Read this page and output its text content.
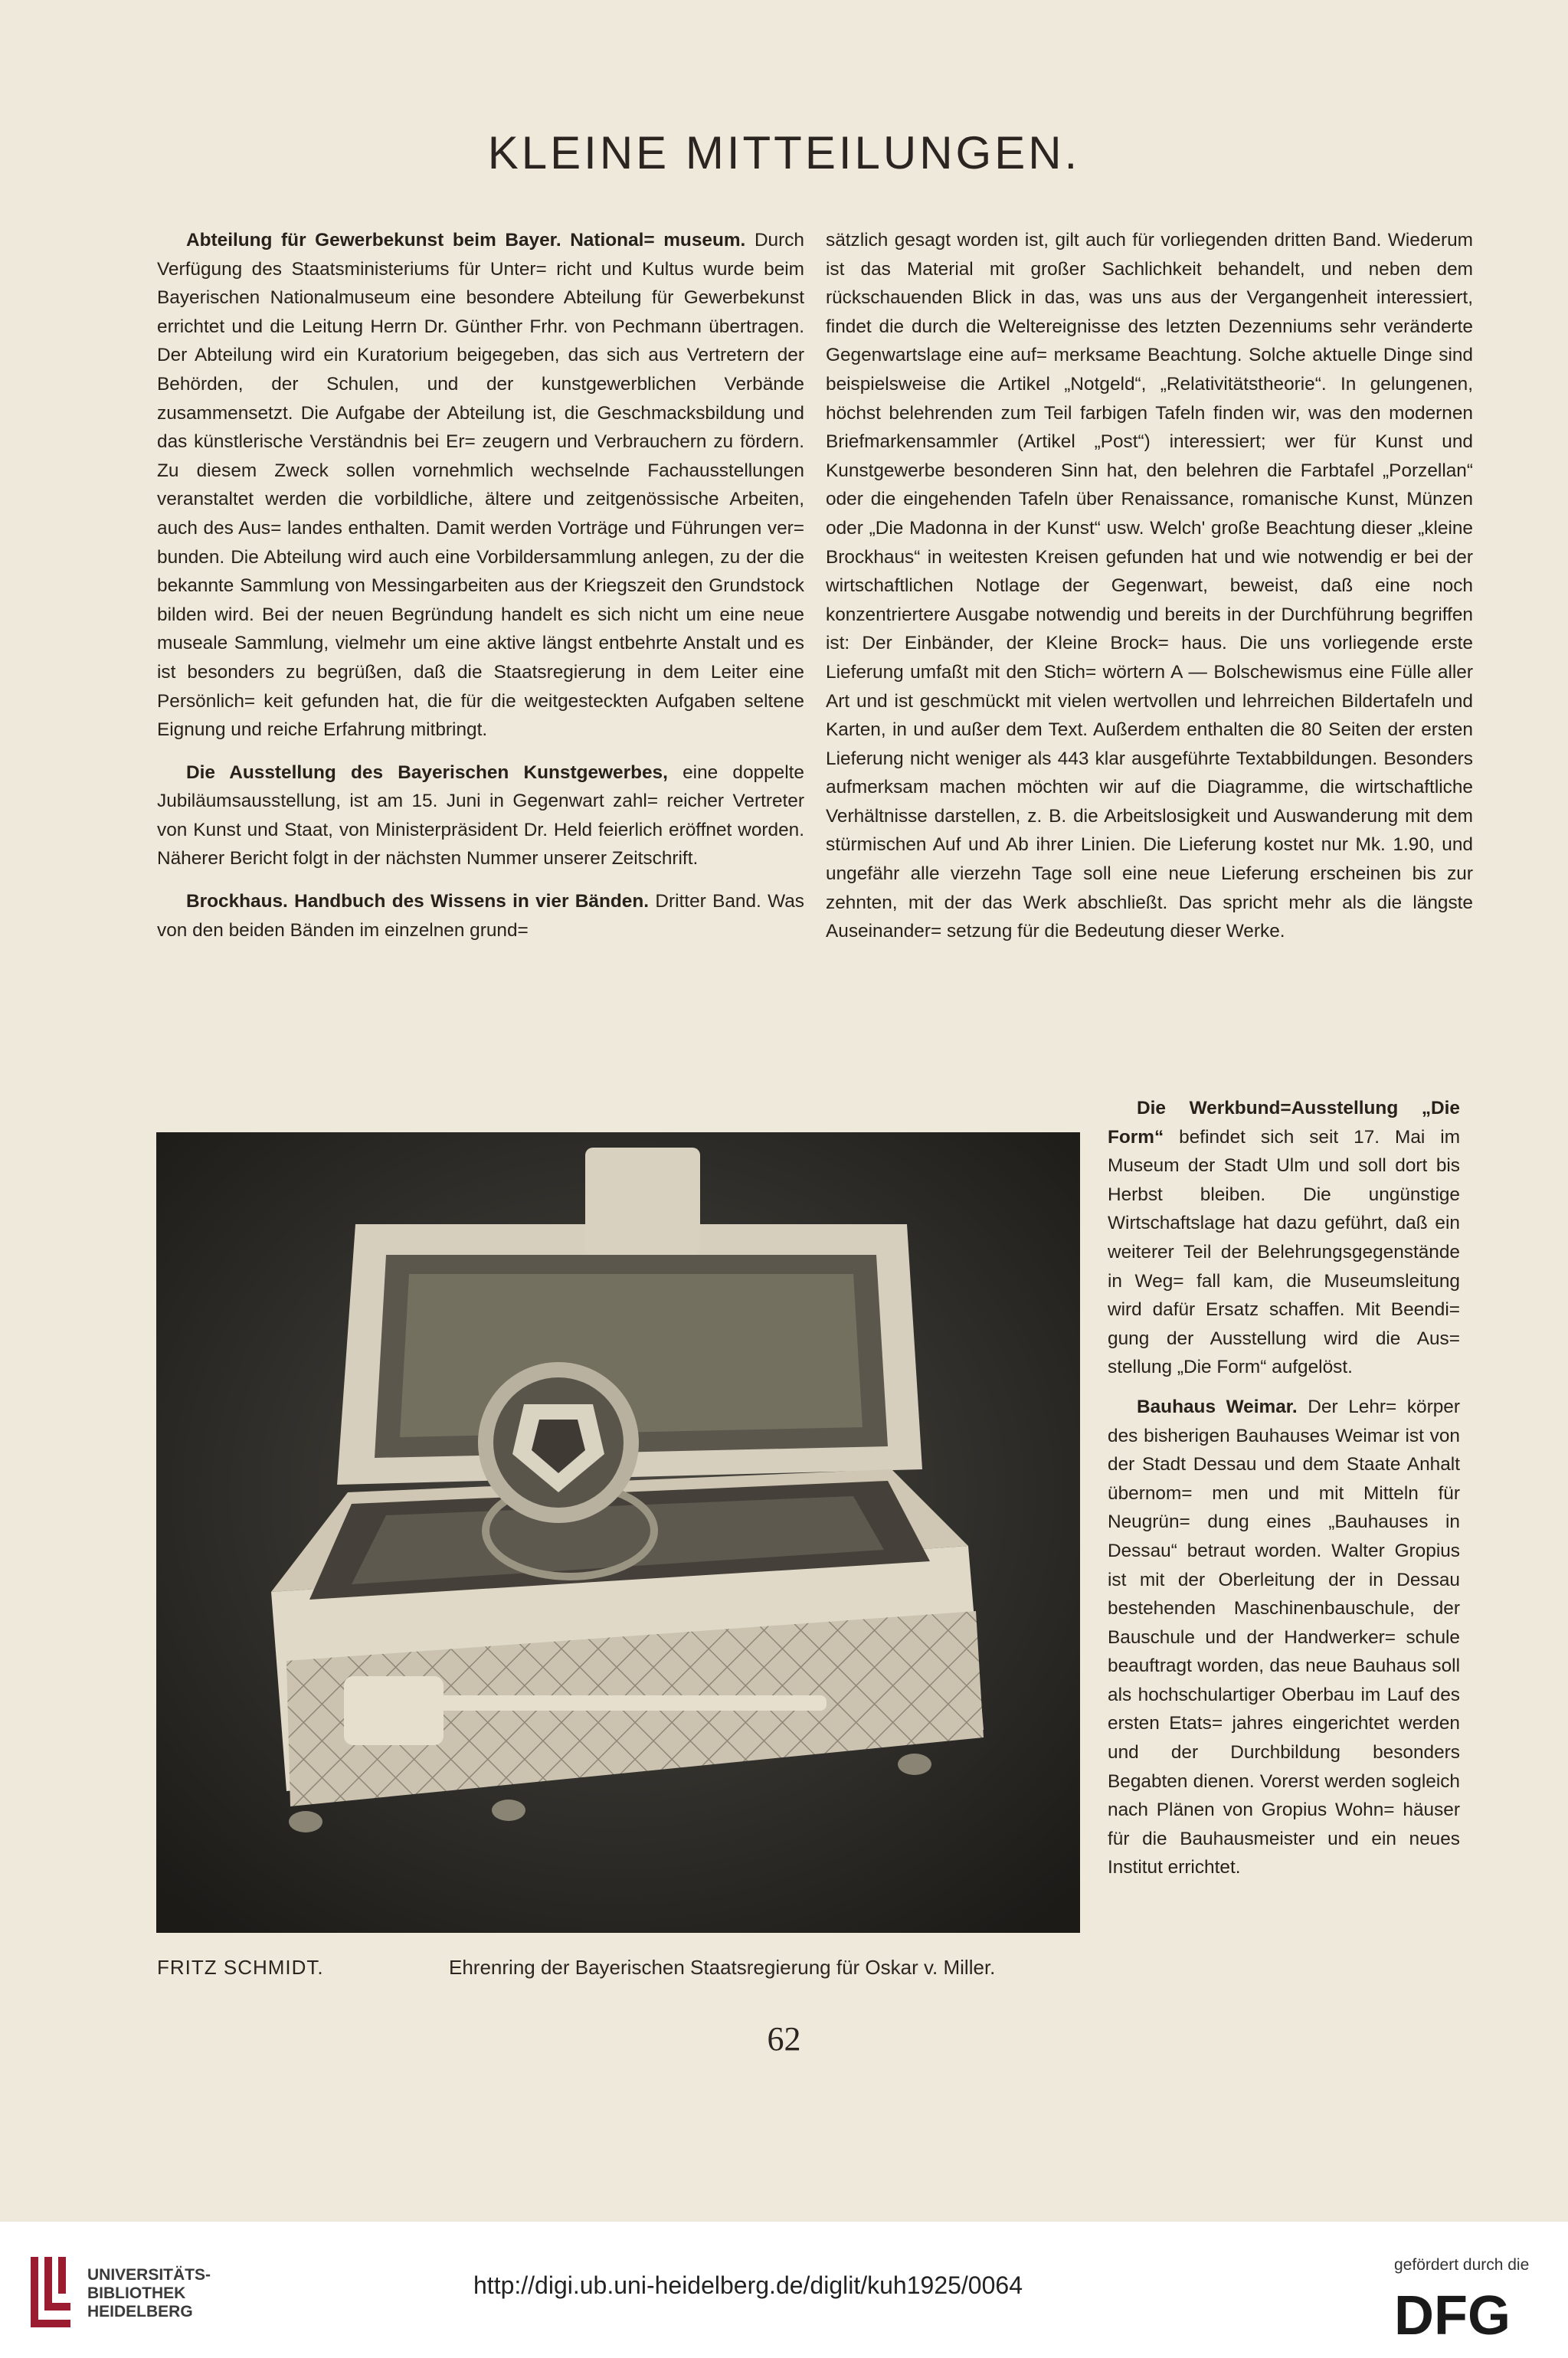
KLEINE MITTEILUNGEN.

Abteilung für Gewerbekunst beim Bayer. National= museum. Durch Verfügung des Staatsministeriums für Unter= richt und Kultus wurde beim Bayerischen Nationalmuseum eine besondere Abteilung für Gewerbekunst errichtet und die Leitung Herrn Dr. Günther Frhr. von Pechmann übertragen. Der Abteilung wird ein Kuratorium beigegeben, das sich aus Vertretern der Behörden, der Schulen, und der kunstgewerblichen Verbände zusammensetzt. Die Aufgabe der Abteilung ist, die Geschmacksbildung und das künstlerische Verständnis bei Er= zeugern und Verbrauchern zu fördern. Zu diesem Zweck sollen vornehmlich wechselnde Fachausstellungen veranstaltet werden die vorbildliche, ältere und zeitgenössische Arbeiten, auch des Aus= landes enthalten. Damit werden Vorträge und Führungen ver= bunden. Die Abteilung wird auch eine Vorbildersammlung anlegen, zu der die bekannte Sammlung von Messingarbeiten aus der Kriegszeit den Grundstock bilden wird. Bei der neuen Begründung handelt es sich nicht um eine neue museale Sammlung, vielmehr um eine aktive längst entbehrte Anstalt und es ist besonders zu begrüßen, daß die Staatsregierung in dem Leiter eine Persönlich= keit gefunden hat, die für die weitgesteckten Aufgaben seltene Eignung und reiche Erfahrung mitbringt.

Die Ausstellung des Bayerischen Kunstgewerbes, eine doppelte Jubiläumsausstellung, ist am 15. Juni in Gegenwart zahl= reicher Vertreter von Kunst und Staat, von Ministerpräsident Dr. Held feierlich eröffnet worden. Näherer Bericht folgt in der nächsten Nummer unserer Zeitschrift.

Brockhaus. Handbuch des Wissens in vier Bänden. Dritter Band. Was von den beiden Bänden im einzelnen grund=

sätzlich gesagt worden ist, gilt auch für vorliegenden dritten Band. Wiederum ist das Material mit großer Sachlichkeit behandelt, und neben dem rückschauenden Blick in das, was uns aus der Vergangenheit interessiert, findet die durch die Weltereignisse des letzten Dezenniums sehr veränderte Gegenwartslage eine auf= merksame Beachtung. Solche aktuelle Dinge sind beispielsweise die Artikel „Notgeld“, „Relativitätstheorie“. In gelungenen, höchst belehrenden zum Teil farbigen Tafeln finden wir, was den modernen Briefmarkensammler (Artikel „Post“) interessiert; wer für Kunst und Kunstgewerbe besonderen Sinn hat, den belehren die Farbtafel „Porzellan“ oder die eingehenden Tafeln über Renaissance, romanische Kunst, Münzen oder „Die Madonna in der Kunst“ usw. Welch' große Beachtung dieser „kleine Brockhaus“ in weitesten Kreisen gefunden hat und wie notwendig er bei der wirtschaftlichen Notlage der Gegenwart, beweist, daß eine noch konzentriertere Ausgabe notwendig und bereits in der Durchführung begriffen ist: Der Einbänder, der Kleine Brock= haus. Die uns vorliegende erste Lieferung umfaßt mit den Stich= wörtern A — Bolschewismus eine Fülle aller Art und ist geschmückt mit vielen wertvollen und lehrreichen Bildertafeln und Karten, in und außer dem Text. Außerdem enthalten die 80 Seiten der ersten Lieferung nicht weniger als 443 klar ausgeführte Textabbildungen. Besonders aufmerksam machen möchten wir auf die Diagramme, die wirtschaftliche Verhältnisse darstellen, z. B. die Arbeitslosigkeit und Auswanderung mit dem stürmischen Auf und Ab ihrer Linien. Die Lieferung kostet nur Mk. 1.90, und ungefähr alle vierzehn Tage soll eine neue Lieferung erscheinen bis zur zehnten, mit der das Werk abschließt. Das spricht mehr als die längste Auseinander= setzung für die Bedeutung dieser Werke.

FRITZ SCHMIDT.	Ehrenring der Bayerischen Staatsregierung für Oskar v. Miller.

Die Werkbund=Ausstellung „Die Form“ befindet sich seit 17. Mai im Museum der Stadt Ulm und soll dort bis Herbst bleiben. Die ungünstige Wirtschaftslage hat dazu geführt, daß ein weiterer Teil der Belehrungsgegenstände in Weg= fall kam, die Museumsleitung wird dafür Ersatz schaffen. Mit Beendi= gung der Ausstellung wird die Aus= stellung „Die Form“ aufgelöst.

Bauhaus Weimar. Der Lehr= körper des bisherigen Bauhauses Weimar ist von der Stadt Dessau und dem Staate Anhalt übernom= men und mit Mitteln für Neugrün= dung eines „Bauhauses in Dessau“ betraut worden. Walter Gropius ist mit der Oberleitung der in Dessau bestehenden Maschinenbauschule, der Bauschule und der Handwerker= schule beauftragt worden, das neue Bauhaus soll als hochschulartiger Oberbau im Lauf des ersten Etats= jahres eingerichtet werden und der Durchbildung besonders Begabten dienen. Vorerst werden sogleich nach Plänen von Gropius Wohn= häuser für die Bauhausmeister und ein neues Institut errichtet.

62
UNIVERSITÄTS-
BIBLIOTHEK
HEIDELBERG
http://digi.ub.uni-heidelberg.de/diglit/kuh1925/0064
gefördert durch die
DFG
